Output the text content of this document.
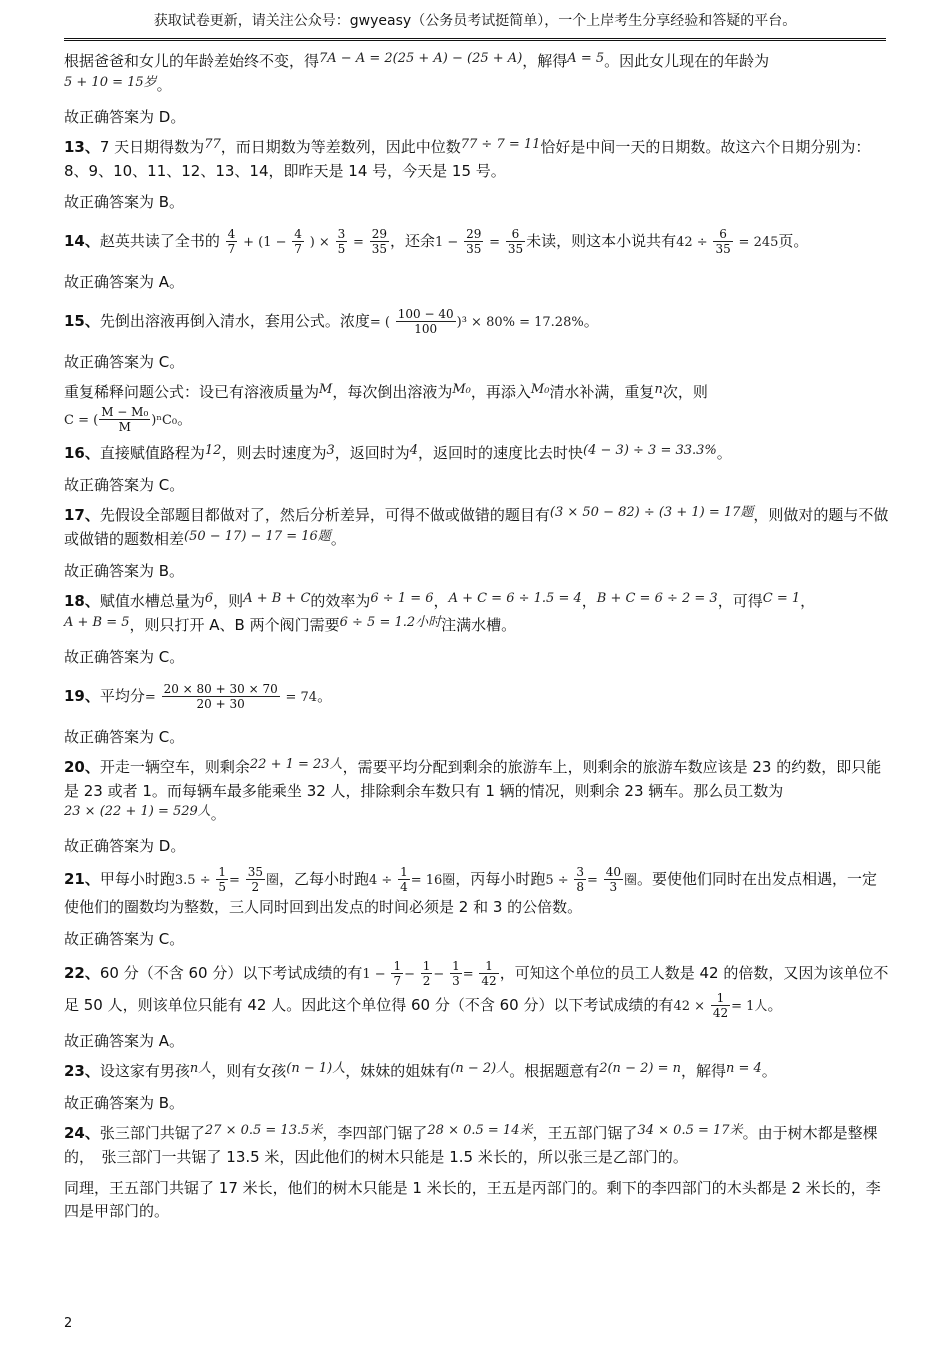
获取试卷更新，请关注公众号：gwyeasy（公务员考试挺简单），一个上岸考生分享经验和答疑的平台。
根据爸爸和女儿的年龄差始终不变，得7A − A = 2(25 + A) − (25 + A)，解得A = 5。因此女儿现在的年龄为
5 + 10 = 15岁。
故正确答案为 D。
13、7 天日期得数为77，而日期数为等差数列，因此中位数77 ÷ 7 = 11恰好是中间一天的日期数。故这六个日期分别为：8、9、10、11、12、13、14，即昨天是 14 号，今天是 15 号。
故正确答案为 B。
14、赵英共读了全书的 $\frac{4}{7} + (1 - \frac{4}{7}$ ) × $\frac{3}{5} = \frac{29}{35}$ ，还余$1 - \frac{29}{35} = \frac{6}{35}$ 未读，则这本小说共有$42 \div \frac{6}{35} = 245$页。
故正确答案为 A。
15、先倒出溶液再倒入清水，套用公式。浓度= ( $\frac{100 - 40}{100} )^3 \times 80\% = 17.28\%$。
故正确答案为 C。
重复稀释问题公式：设已有溶液质量为M，每次倒出溶液为M₀，再添入M₀清水补满，重复n次，则
C = ( $\frac{\text{M − M₀}}{M} )^nC_0$。
16、直接赋值路程为12，则去时速度为3，返回时为4，返回时的速度比去时快(4 − 3) ÷ 3 = 33.3%。
故正确答案为 C。
17、先假设全部题目都做对了，然后分析差异，可得不做或做错的题目有(3 × 50 − 82) ÷ (3 + 1) = 17题，则做对的题与不做或做错的题数相差(50 − 17) − 17 = 16题。
故正确答案为 B。
18、赋值水槽总量为6，则A + B + C的效率为6 ÷ 1 = 6，A + C = 6 ÷ 1.5 = 4，B + C = 6 ÷ 2 = 3，可得C = 1，
A + B = 5，则只打开 A、B 两个阀门需要6 ÷ 5 = 1.2小时注满水槽。
故正确答案为 C。
19、平均分= $\frac{20 \times 80 + 30 \times 70}{20 + 30} = 74$。
故正确答案为 C。
20、开走一辆空车，则剩余22 + 1 = 23人，需要平均分配到剩余的旅游车上，则剩余的旅游车数应该是 23 的约数，即只能是 23 或者 1。而每辆车最多能乘坐 32 人，排除剩余车数只有 1 辆的情况，则剩余 23 辆车。那么员工数为
23 × (22 + 1) = 529人。
故正确答案为 D。
21、甲每小时跑$3.5 \div \frac{1}{5} = \frac{35}{2}$ 圈，乙每小时跑$4 \div \frac{1}{4} = 16$圈，丙每小时跑$5 \div \frac{3}{8} = \frac{40}{3}$ 圈。要使他们同时在出发点相遇，一定使他们的圈数均为整数，三人同时回到出发点的时间必须是 2 和 3 的公倍数。
故正确答案为 C。
22、60 分（不含 60 分）以下考试成绩的有$1 - \frac{1}{7} - \frac{1}{2} - \frac{1}{3} = \frac{1}{42}$ ，可知这个单位的员工人数是 42 的倍数，又因为该单位不足 50 人，则该单位只能有 42 人。因此这个单位得 60 分（不含 60 分）以下考试成绩的有$42 \times \frac{1}{42} = 1$人。
故正确答案为 A。
23、设这家有男孩n人，则有女孩(n − 1)人，妹妹的姐妹有(n − 2)人。根据题意有2(n − 2) = n，解得n = 4。
故正确答案为 B。
24、张三部门共锯了27 × 0.5 = 13.5米，李四部门锯了28 × 0.5 = 14米，王五部门锯了34 × 0.5 = 17米。由于树木都是整棵的，　张三部门一共锯了 13.5 米，因此他们的树木只能是 1.5 米长的，所以张三是乙部门的。
同理，王五部门共锯了 17 米长，他们的树木只能是 1 米长的，王五是丙部门的。剩下的李四部门的木头都是 2 米长的，李四是甲部门的。
2
